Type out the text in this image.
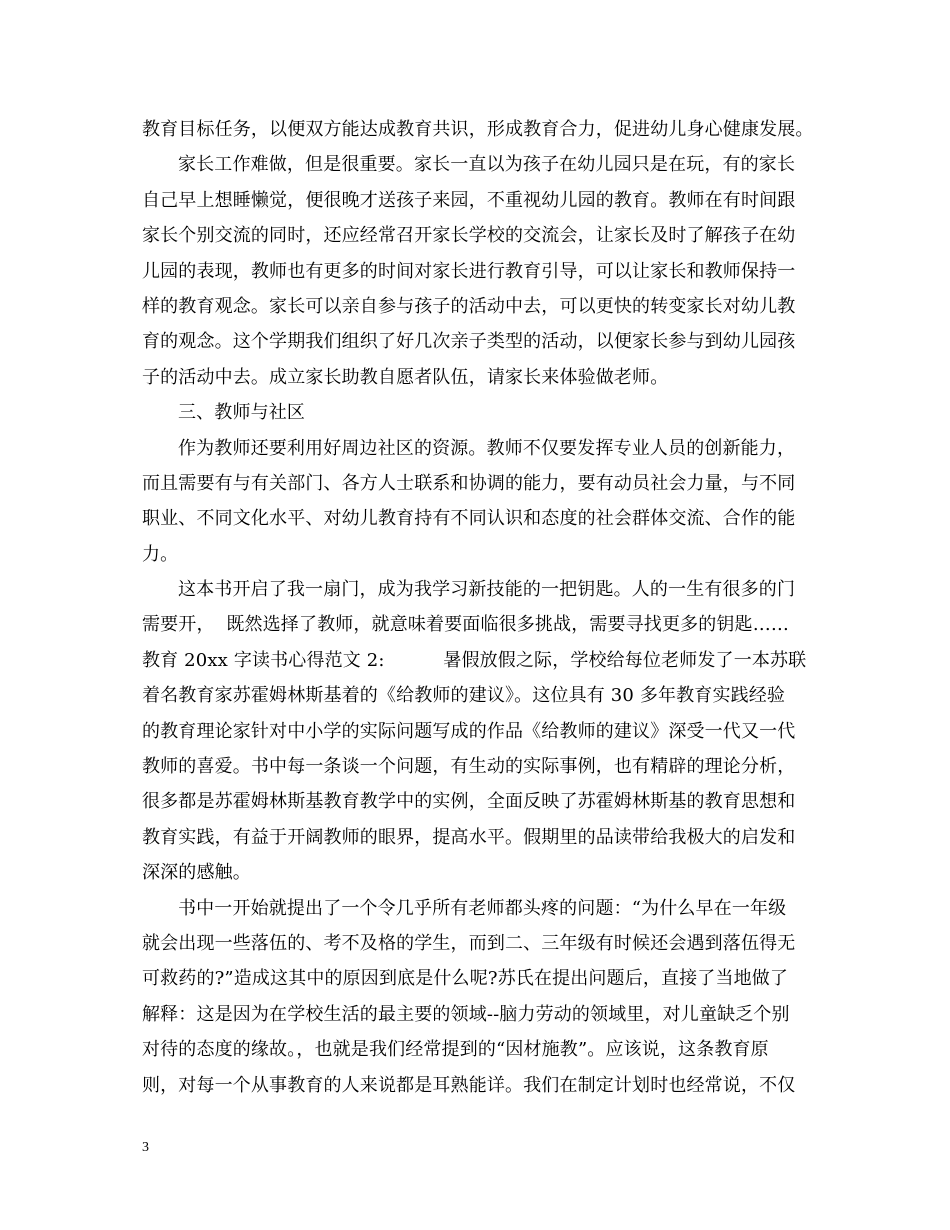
教育目标任务，以便双方能达成教育共识，形成教育合力，促进幼儿身心健康发展。
家长工作难做，但是很重要。家长一直以为孩子在幼儿园只是在玩，有的家长
自己早上想睡懒觉，便很晚才送孩子来园，不重视幼儿园的教育。教师在有时间跟
家长个别交流的同时，还应经常召开家长学校的交流会，让家长及时了解孩子在幼
儿园的表现，教师也有更多的时间对家长进行教育引导，可以让家长和教师保持一
样的教育观念。家长可以亲自参与孩子的活动中去，可以更快的转变家长对幼儿教
育的观念。这个学期我们组织了好几次亲子类型的活动，以便家长参与到幼儿园孩
子的活动中去。成立家长助教自愿者队伍，请家长来体验做老师。
三、教师与社区
作为教师还要利用好周边社区的资源。教师不仅要发挥专业人员的创新能力，
而且需要有与有关部门、各方人士联系和协调的能力，要有动员社会力量，与不同
职业、不同文化水平、对幼儿教育持有不同认识和态度的社会群体交流、合作的能
力。
这本书开启了我一扇门，成为我学习新技能的一把钥匙。人的一生有很多的门
需要开，  既然选择了教师，就意味着要面临很多挑战，需要寻找更多的钥匙……
教育 20xx 字读书心得范文 2:          暑假放假之际，学校给每位老师发了一本苏联
着名教育家苏霍姆林斯基着的《给教师的建议》。这位具有 30 多年教育实践经验
的教育理论家针对中小学的实际问题写成的作品《给教师的建议》深受一代又一代
教师的喜爱。书中每一条谈一个问题，有生动的实际事例，也有精辟的理论分析，
很多都是苏霍姆林斯基教育教学中的实例，全面反映了苏霍姆林斯基的教育思想和
教育实践，有益于开阔教师的眼界，提高水平。假期里的品读带给我极大的启发和
深深的感触。
书中一开始就提出了一个令几乎所有老师都头疼的问题：“为什么早在一年级
就会出现一些落伍的、考不及格的学生，而到二、三年级有时候还会遇到落伍得无
可救药的?”造成这其中的原因到底是什么呢?苏氏在提出问题后，直接了当地做了
解释：这是因为在学校生活的最主要的领域--脑力劳动的领域里，对儿童缺乏个别
对待的态度的缘故。，也就是我们经常提到的“因材施教”。应该说，这条教育原
则，对每一个从事教育的人来说都是耳熟能详。我们在制定计划时也经常说，不仅
3
